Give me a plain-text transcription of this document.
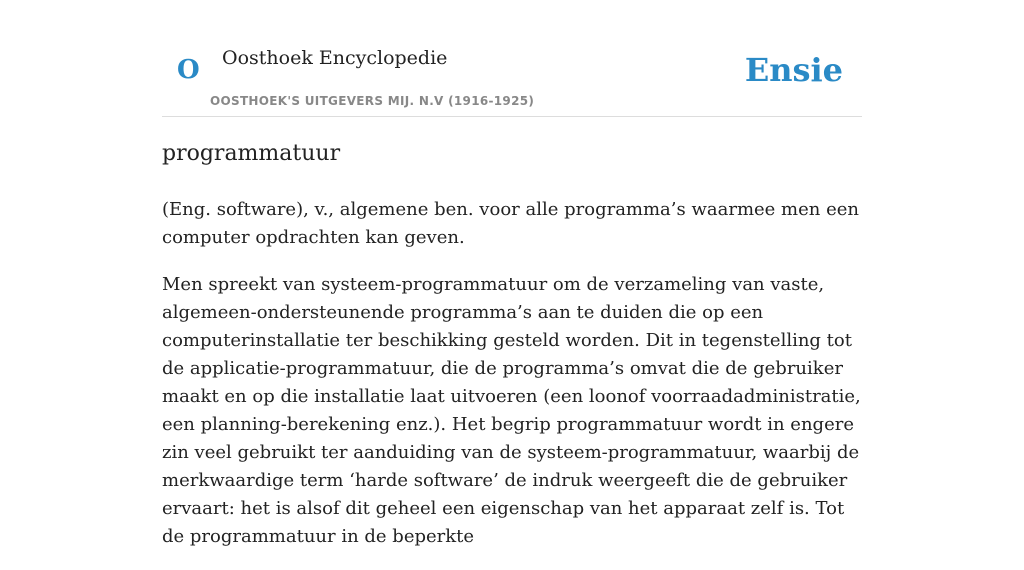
O Oosthoek Encyclopedie
OOSTHOEK'S UITGEVERS MIJ. N.V (1916-1925)
Ensie
programmatuur

(Eng. software), v., algemene ben. voor alle programma’s waarmee men een computer opdrachten kan geven.

Men spreekt van systeem-programmatuur om de verzameling van vaste, algemeen-ondersteunende programma’s aan te duiden die op een computerinstallatie ter beschikking gesteld worden. Dit in tegenstelling tot de applicatie-programmatuur, die de programma’s omvat die de gebruiker maakt en op die installatie laat uitvoeren (een loonof voorraadadministratie, een planning-berekening enz.). Het begrip programmatuur wordt in engere zin veel gebruikt ter aanduiding van de systeem-programmatuur, waarbij de merkwaardige term ‘harde software’ de indruk weergeeft die de gebruiker ervaart: het is alsof dit geheel een eigenschap van het apparaat zelf is. Tot de programmatuur in de beperkte
